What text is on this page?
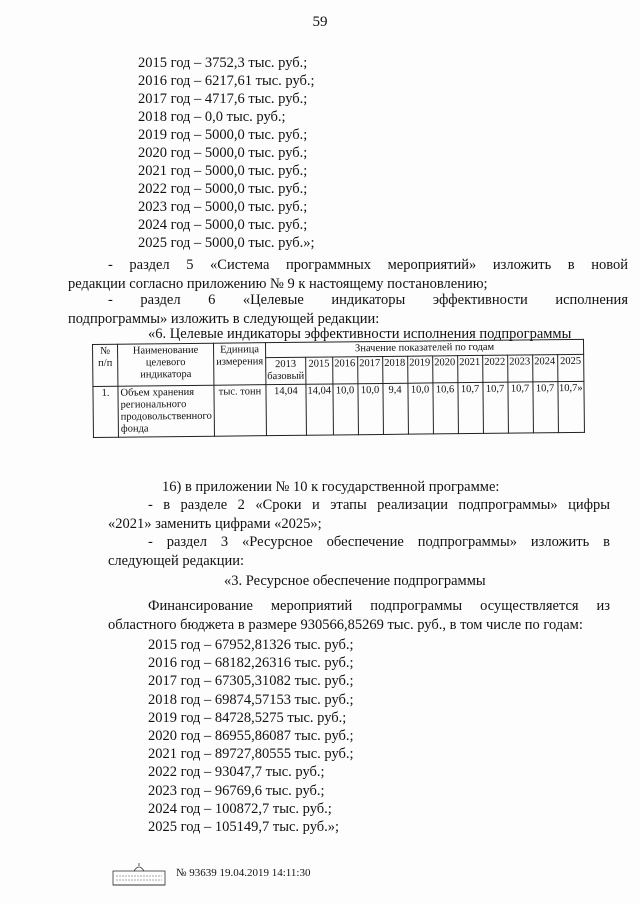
59
2015 год – 3752,3 тыс. руб.;
2016 год – 6217,61 тыс. руб.;
2017 год – 4717,6 тыс. руб.;
2018 год – 0,0 тыс. руб.;
2019 год – 5000,0 тыс. руб.;
2020 год – 5000,0 тыс. руб.;
2021 год – 5000,0 тыс. руб.;
2022 год – 5000,0 тыс. руб.;
2023 год – 5000,0 тыс. руб.;
2024 год – 5000,0 тыс. руб.;
2025 год – 5000,0 тыс. руб.»;
- раздел 5 «Система программных мероприятий» изложить в новой
редакции согласно приложению № 9 к настоящему постановлению;
- раздел 6 «Целевые индикаторы эффективности исполнения
подпрограммы» изложить в следующей редакции:
«6. Целевые индикаторы эффективности исполнения подпрограммы
№ п/п	Наименование целевого индикатора	Единица измерения	Значение показателей по годам											
			2013 базовый	2015	2016	2017	2018	2019	2020	2021	2022	2023	2024	2025
1.	Объем хранения регионального продовольственного фонда	тыс. тонн	14,04	14,04	10,0	10,0	9,4	10,0	10,6	10,7	10,7	10,7	10,7	10,7»
16) в приложении № 10 к государственной программе:
- в разделе 2 «Сроки и этапы реализации подпрограммы» цифры
«2021» заменить цифрами «2025»;
- раздел 3 «Ресурсное обеспечение подпрограммы» изложить в
следующей редакции:
«3. Ресурсное обеспечение подпрограммы
Финансирование мероприятий подпрограммы осуществляется из
областного бюджета в размере 930566,85269 тыс. руб., в том числе по годам:
2015 год – 67952,81326 тыс. руб.;
2016 год – 68182,26316 тыс. руб.;
2017 год – 67305,31082 тыс. руб.;
2018 год – 69874,57153 тыс. руб.;
2019 год – 84728,5275 тыс. руб.;
2020 год – 86955,86087 тыс. руб.;
2021 год – 89727,80555 тыс. руб.;
2022 год – 93047,7 тыс. руб.;
2023 год – 96769,6 тыс. руб.;
2024 год – 100872,7 тыс. руб.;
2025 год – 105149,7 тыс. руб.»;
№ 93639 19.04.2019 14:11:30
